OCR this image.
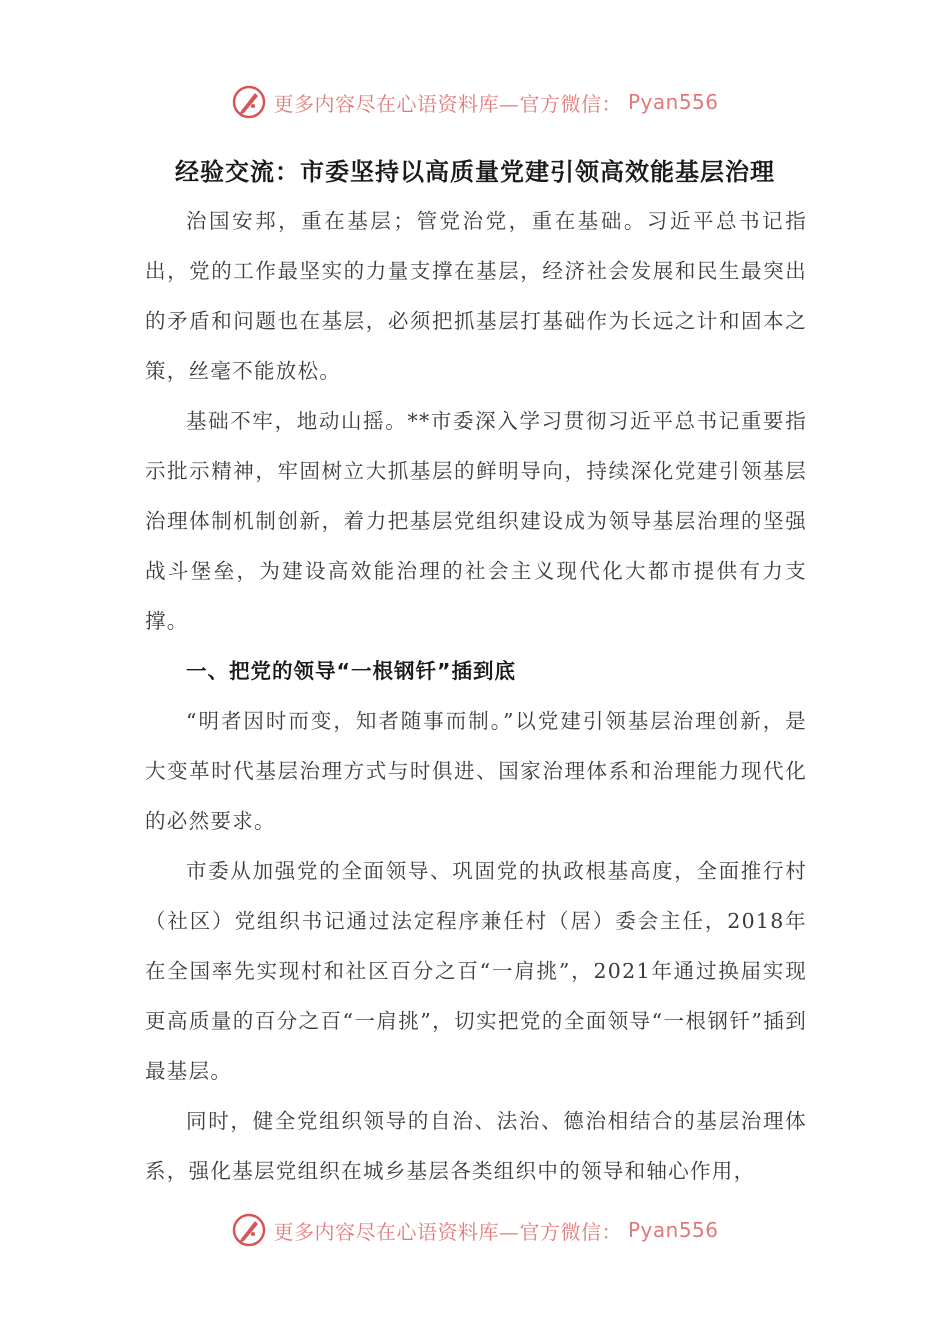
更多内容尽在心语资料库—官方微信： Pyan556
经验交流：市委坚持以高质量党建引领高效能基层治理

治国安邦，重在基层；管党治党，重在基础。习近平总书记指出，党的工作最坚实的力量支撑在基层，经济社会发展和民生最突出的矛盾和问题也在基层，必须把抓基层打基础作为长远之计和固本之策，丝毫不能放松。

基础不牢，地动山摇。**市委深入学习贯彻习近平总书记重要指示批示精神，牢固树立大抓基层的鲜明导向，持续深化党建引领基层治理体制机制创新，着力把基层党组织建设成为领导基层治理的坚强战斗堡垒，为建设高效能治理的社会主义现代化大都市提供有力支撑。

一、把党的领导“一根钢钎”插到底

“明者因时而变，知者随事而制。”以党建引领基层治理创新，是大变革时代基层治理方式与时俱进、国家治理体系和治理能力现代化的必然要求。

市委从加强党的全面领导、巩固党的执政根基高度，全面推行村（社区）党组织书记通过法定程序兼任村（居）委会主任，2018年在全国率先实现村和社区百分之百“一肩挑”，2021年通过换届实现更高质量的百分之百“一肩挑”，切实把党的全面领导“一根钢钎”插到最基层。

同时，健全党组织领导的自治、法治、德治相结合的基层治理体系，强化基层党组织在城乡基层各类组织中的领导和轴心作用，

更多内容尽在心语资料库—官方微信： Pyan556
